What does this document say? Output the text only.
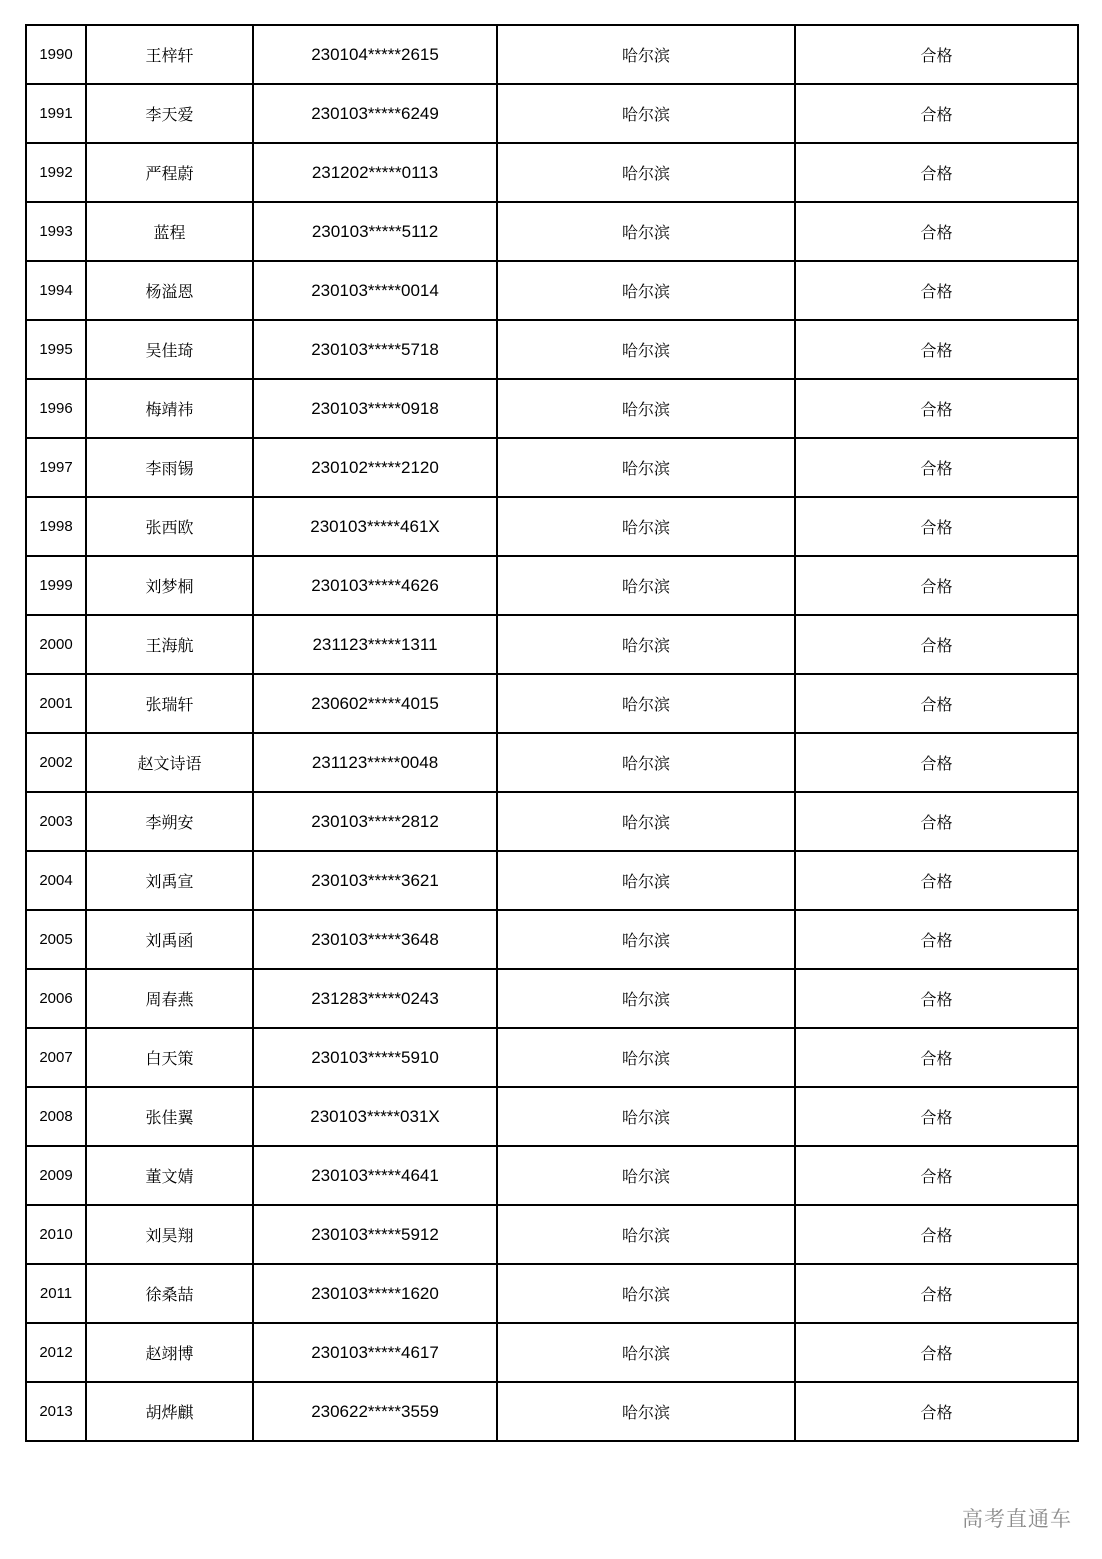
1990	王梓轩	230104*****2615	哈尔滨	合格
1991	李天爱	230103*****6249	哈尔滨	合格
1992	严程蔚	231202*****0113	哈尔滨	合格
1993	蓝程	230103*****5112	哈尔滨	合格
1994	杨溢恩	230103*****0014	哈尔滨	合格
1995	吴佳琦	230103*****5718	哈尔滨	合格
1996	梅靖祎	230103*****0918	哈尔滨	合格
1997	李雨锡	230102*****2120	哈尔滨	合格
1998	张西欧	230103*****461X	哈尔滨	合格
1999	刘梦桐	230103*****4626	哈尔滨	合格
2000	王海航	231123*****1311	哈尔滨	合格
2001	张瑞轩	230602*****4015	哈尔滨	合格
2002	赵文诗语	231123*****0048	哈尔滨	合格
2003	李朔安	230103*****2812	哈尔滨	合格
2004	刘禹宣	230103*****3621	哈尔滨	合格
2005	刘禹函	230103*****3648	哈尔滨	合格
2006	周春燕	231283*****0243	哈尔滨	合格
2007	白天策	230103*****5910	哈尔滨	合格
2008	张佳翼	230103*****031X	哈尔滨	合格
2009	董文婧	230103*****4641	哈尔滨	合格
2010	刘昊翔	230103*****5912	哈尔滨	合格
2011	徐桑喆	230103*****1620	哈尔滨	合格
2012	赵翊博	230103*****4617	哈尔滨	合格
2013	胡烨麒	230622*****3559	哈尔滨	合格
高考直通车
